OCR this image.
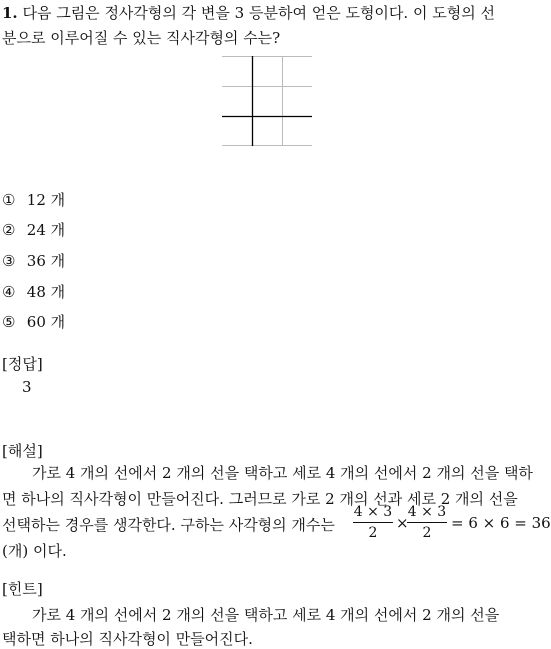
1. 다음 그림은 정사각형의 각 변을 3 등분하여 얻은 도형이다. 이 도형의 선
분으로 이루어질 수 있는 직사각형의 수는?
① 12 개
② 24 개
③ 36 개
④ 48 개
⑤ 60 개
[정답]
3
[해설]
가로 4 개의 선에서 2 개의 선을 택하고 세로 4 개의 선에서 2 개의 선을 택하
면 하나의 직사각형이 만들어진다. 그러므로 가로 2 개의 선과 세로 2 개의 선을
선택하는 경우를 생각한다. 구하는 사각형의 개수는
4 × 3
2
×
4 × 3
2
= 6 × 6 = 36
(개) 이다.
[힌트]
가로 4 개의 선에서 2 개의 선을 택하고 세로 4 개의 선에서 2 개의 선을
택하면 하나의 직사각형이 만들어진다.
